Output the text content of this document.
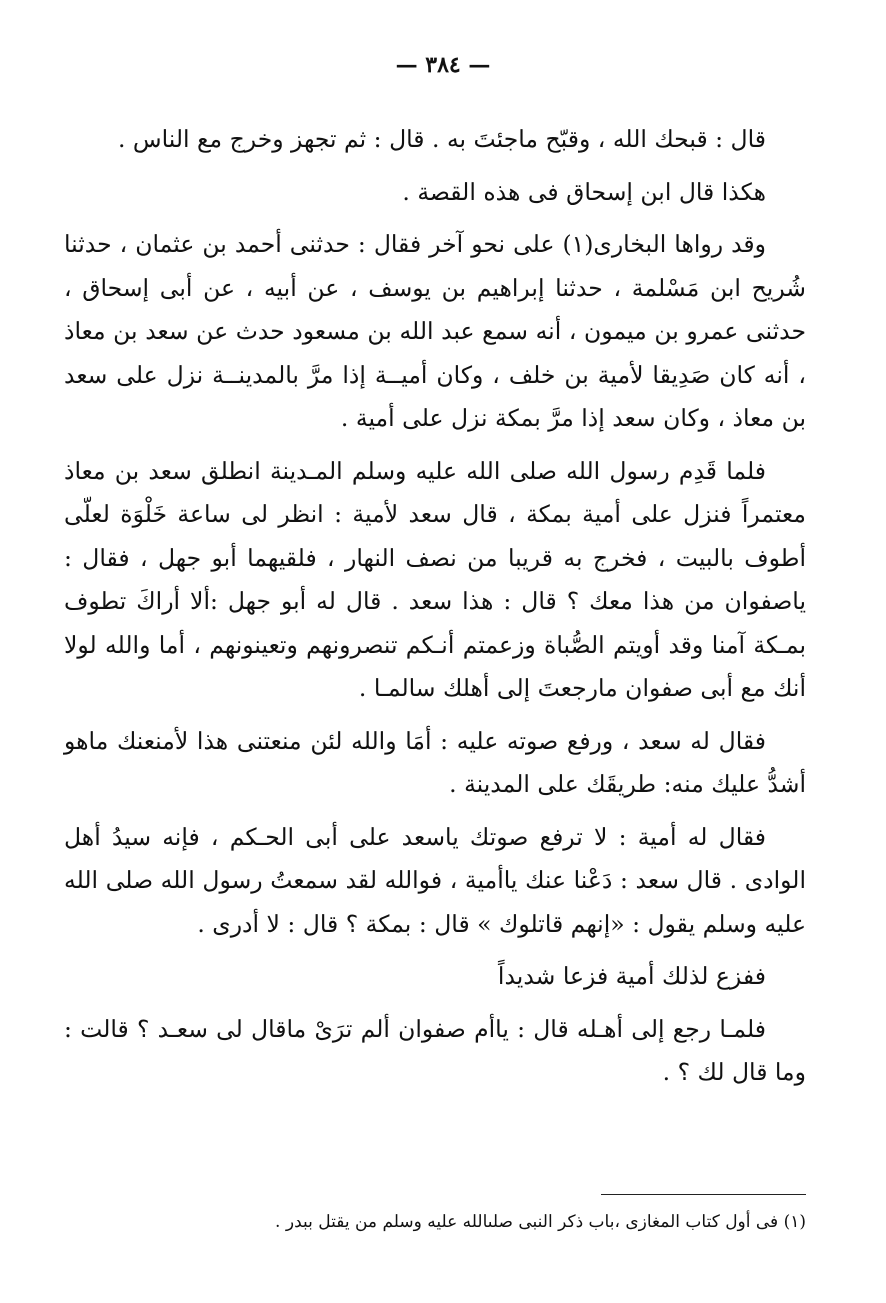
— ٣٨٤ —

قال : قبحك الله ، وقبّح ماجئتَ به . قال : ثم تجهز وخرج مع الناس .

هكذا قال ابن إسحاق فى هذه القصة .

وقد رواها البخارى(١) على نحو آخر فقال : حدثنى أحمد بن عثمان ، حدثنا شُريح ابن مَسْلمة ، حدثنا إبراهيم بن يوسف ، عن أبيه ، عن أبى إسحاق ، حدثنى عمرو بن ميمون ، أنه سمع عبد الله بن مسعود حدث عن سعد بن معاذ ، أنه كان صَدِيقا لأمية بن خلف ، وكان أميــة إذا مرَّ بالمدينــة نزل على سعد بن معاذ ، وكان سعد إذا مرَّ بمكة نزل على أمية .

فلما قَدِم رسول الله صلى الله عليه وسلم المـدينة انطلق سعد بن معاذ معتمراً فنزل على أمية بمكة ، قال سعد لأمية : انظر لى ساعة خَلْوَة لعلّى أطوف بالبيت ، فخرج به قريبا من نصف النهار ، فلقيهما أبو جهل ، فقال : ياصفوان من هذا معك ؟ قال : هذا سعد . قال له أبو جهل :ألا أراكَ تطوف بمـكة آمنا وقد أويتم الصُّباة وزعمتم أنـكم تنصرونهم وتعينونهم ، أما والله لولا أنك مع أبى صفوان مارجعتَ إلى أهلك سالمـا .

فقال له سعد ، ورفع صوته عليه : أمَا والله لئن منعتنى هذا لأمنعنك ماهو أشدُّ عليك منه: طريقَك على المدينة .

فقال له أمية : لا ترفع صوتك ياسعد على أبى الحـكم ، فإنه سيدُ أهل الوادى . قال سعد : دَعْنا عنك ياأمية ، فوالله لقد سمعتُ رسول الله صلى الله عليه وسلم يقول : «إنهم قاتلوك » قال : بمكة ؟ قال : لا أدرى .

ففزع لذلك أمية فزعا شديداً

فلمـا رجع إلى أهـله قال : ياأم صفوان ألم ترَىْ ماقال لى سعـد ؟ قالت : وما قال لك ؟ .

(١) فى أول كتاب المغازى ،باب ذكر النبى صلىالله عليه وسلم من يقتل ببدر .
